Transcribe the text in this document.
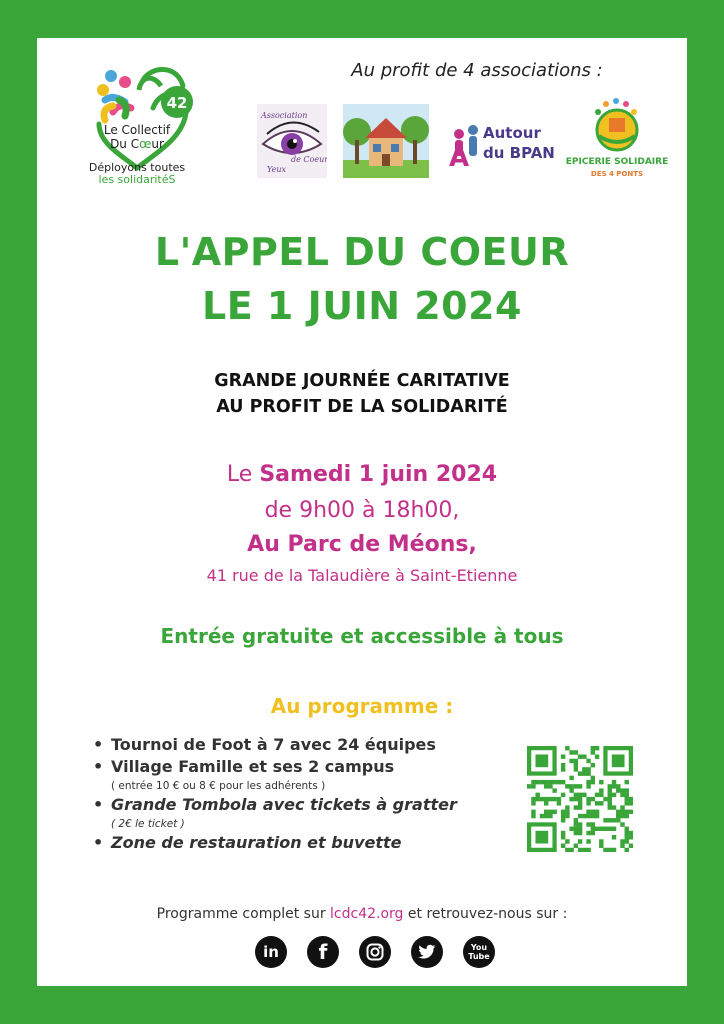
42
Le Collectif
Du Cœur
Déployons toutes
les solidaritéS
Au profit de 4 associations :
Association
de Coeur
Yeux	A
Autour
du BPAN EPICERIE SOLIDAIRE
DES 4 PONTS
L'APPEL DU COEUR
LE 1 JUIN 2024
GRANDE JOURNÉE CARITATIVE
AU PROFIT DE LA SOLIDARITÉ
Le Samedi 1 juin 2024
de 9h00 à 18h00,
Au Parc de Méons,
41 rue de la Talaudière à Saint-Etienne
Entrée gratuite et accessible à tous
Au programme :
• Tournoi de Foot à 7 avec 24 équipes
• Village Famille et ses 2 campus
( entrée 10 € ou 8 € pour les adhérents )
• Grande Tombola avec tickets à gratter
( 2€ le ticket )
• Zone de restauration et buvette
Programme complet sur lcdc42.org et retrouvez-nous sur :
in f	You
Tube
